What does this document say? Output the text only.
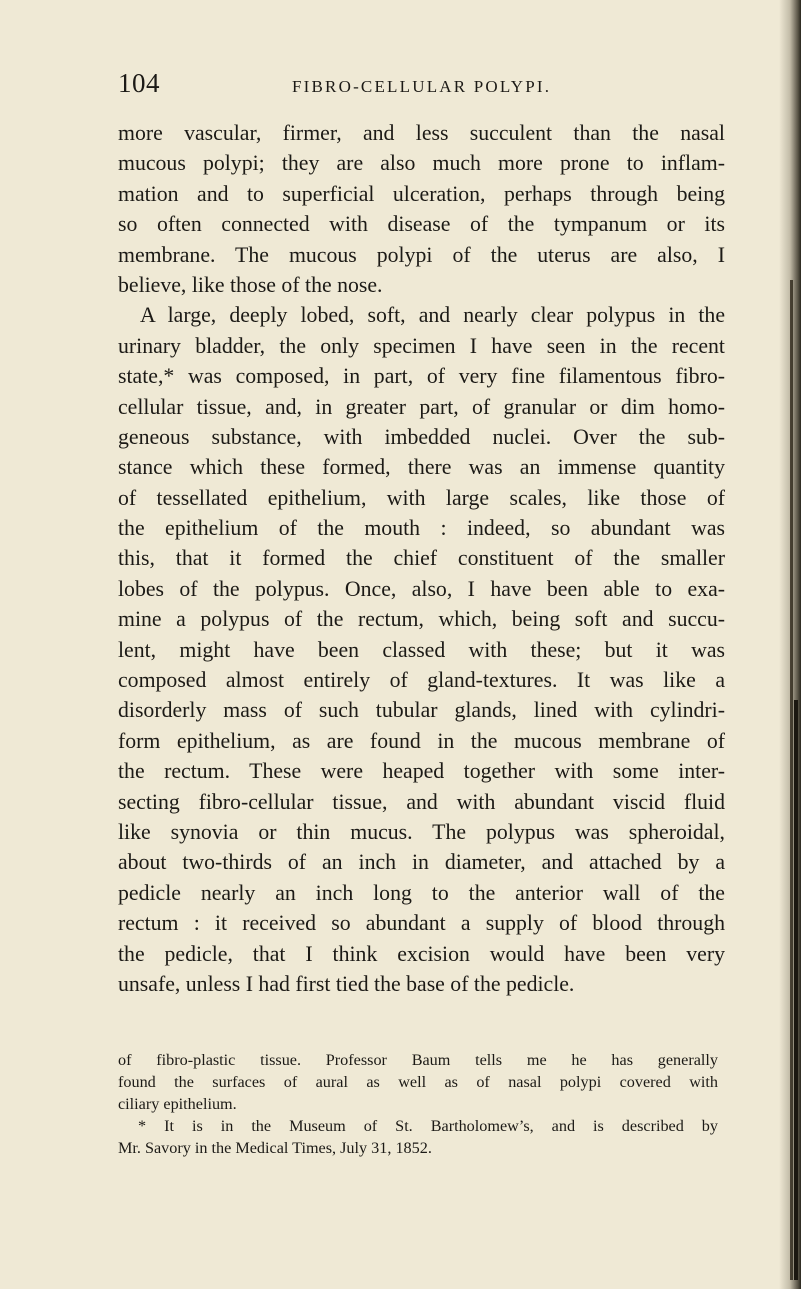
104	FIBRO-CELLULAR POLYPI.
more vascular, firmer, and less succulent than the nasal
mucous polypi; they are also much more prone to inflam-
mation and to superficial ulceration, perhaps through being
so often connected with disease of the tympanum or its
membrane. The mucous polypi of the uterus are also, I
believe, like those of the nose.
A large, deeply lobed, soft, and nearly clear polypus in the
urinary bladder, the only specimen I have seen in the recent
state,* was composed, in part, of very fine filamentous fibro-
cellular tissue, and, in greater part, of granular or dim homo-
geneous substance, with imbedded nuclei. Over the sub-
stance which these formed, there was an immense quantity
of tessellated epithelium, with large scales, like those of
the epithelium of the mouth : indeed, so abundant was
this, that it formed the chief constituent of the smaller
lobes of the polypus. Once, also, I have been able to exa-
mine a polypus of the rectum, which, being soft and succu-
lent, might have been classed with these; but it was
composed almost entirely of gland-textures. It was like a
disorderly mass of such tubular glands, lined with cylindri-
form epithelium, as are found in the mucous membrane of
the rectum. These were heaped together with some inter-
secting fibro-cellular tissue, and with abundant viscid fluid
like synovia or thin mucus. The polypus was spheroidal,
about two-thirds of an inch in diameter, and attached by a
pedicle nearly an inch long to the anterior wall of the
rectum : it received so abundant a supply of blood through
the pedicle, that I think excision would have been very
unsafe, unless I had first tied the base of the pedicle.
of fibro-plastic tissue. Professor Baum tells me he has generally
found the surfaces of aural as well as of nasal polypi covered with
ciliary epithelium.
* It is in the Museum of St. Bartholomew’s, and is described by
Mr. Savory in the Medical Times, July 31, 1852.
